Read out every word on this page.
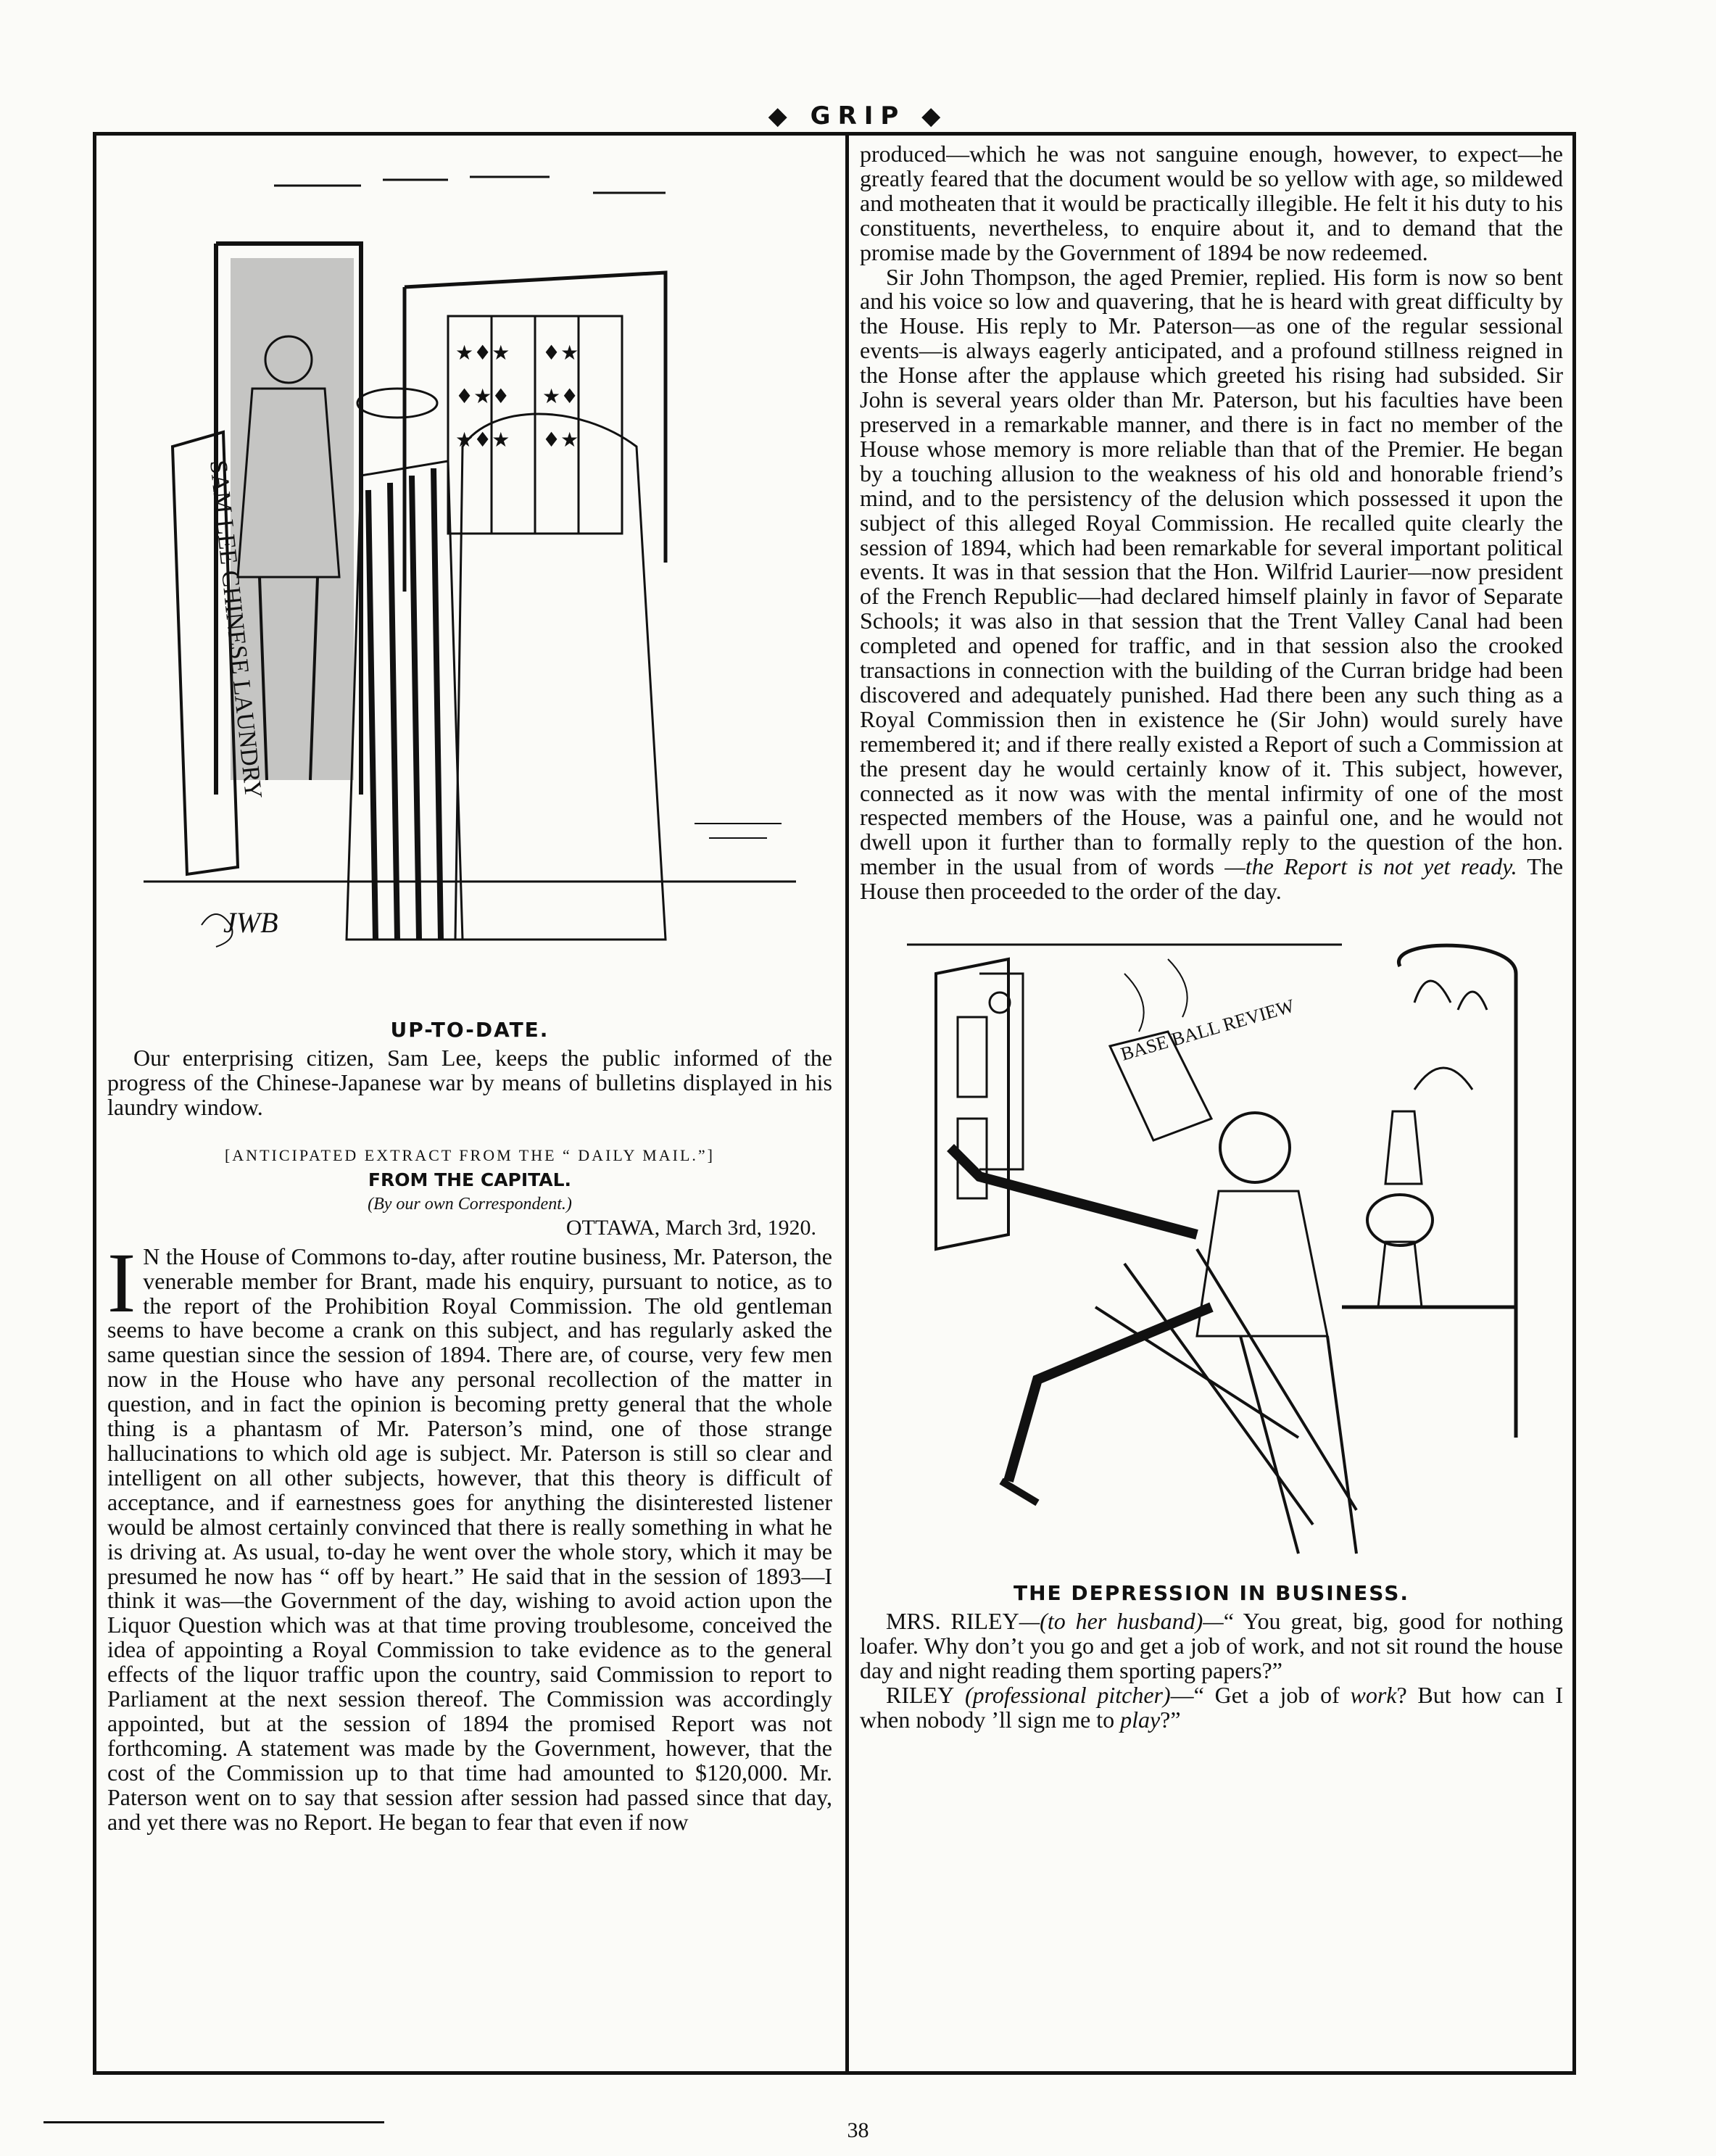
◆ GRIP ◆
SAM LEE CHINESE LAUNDRY
JWB
★♦★
♦★♦
★♦★
♦★
★♦
♦★
UP-TO-DATE.

Our enterprising citizen, Sam Lee, keeps the public informed of the progress of the Chinese-Japanese war by means of bulletins displayed in his laundry window.

[ANTICIPATED EXTRACT FROM THE “ DAILY MAIL.”]
FROM THE CAPITAL.
(By our own Correspondent.)
OTTAWA, March 3rd, 1920.
I N the House of Commons to-day, after routine business, Mr. Paterson, the venerable member for Brant, made his enquiry, pursuant to notice, as to the report of the Prohibition Royal Commission. The old gentleman seems to have become a crank on this subject, and has regularly asked the same questian since the session of 1894. There are, of course, very few men now in the House who have any personal recollection of the matter in question, and in fact the opinion is becoming pretty general that the whole thing is a phantasm of Mr. Paterson’s mind, one of those strange hallucinations to which old age is subject. Mr. Paterson is still so clear and intelligent on all other subjects, however, that this theory is difficult of acceptance, and if earnestness goes for anything the disinterested listener would be almost certainly convinced that there is really something in what he is driving at. As usual, to-day he went over the whole story, which it may be presumed he now has “ off by heart.” He said that in the session of 1893—I think it was—the Government of the day, wishing to avoid action upon the Liquor Question which was at that time proving troublesome, conceived the idea of appointing a Royal Commission to take evidence as to the general effects of the liquor traffic upon the country, said Commission to report to Parliament at the next session thereof. The Commission was accordingly appointed, but at the session of 1894 the promised Report was not forthcoming. A statement was made by the Government, however, that the cost of the Commission up to that time had amounted to $120,000. Mr. Paterson went on to say that session after session had passed since that day, and yet there was no Report. He began to fear that even if now

produced—which he was not sanguine enough, however, to expect—he greatly feared that the document would be so yellow with age, so mildewed and motheaten that it would be practically illegible. He felt it his duty to his constituents, nevertheless, to enquire about it, and to demand that the promise made by the Government of 1894 be now redeemed.

Sir John Thompson, the aged Premier, replied. His form is now so bent and his voice so low and quavering, that he is heard with great difficulty by the House. His reply to Mr. Paterson—as one of the regular sessional events—is always eagerly anticipated, and a profound stillness reigned in the Honse after the applause which greeted his rising had subsided. Sir John is several years older than Mr. Paterson, but his faculties have been preserved in a remarkable manner, and there is in fact no member of the House whose memory is more reliable than that of the Premier. He began by a touching allusion to the weakness of his old and honorable friend’s mind, and to the persistency of the delusion which possessed it upon the subject of this alleged Royal Commission. He recalled quite clearly the session of 1894, which had been remarkable for several important political events. It was in that session that the Hon. Wilfrid Laurier—now president of the French Republic—had declared himself plainly in favor of Separate Schools; it was also in that session that the Trent Valley Canal had been completed and opened for traffic, and in that session also the crooked transactions in connection with the building of the Curran bridge had been discovered and adequately punished. Had there been any such thing as a Royal Commission then in existence he (Sir John) would surely have remembered it; and if there really existed a Report of such a Commission at the present day he would certainly know of it. This subject, however, connected as it now was with the mental infirmity of one of the most respected members of the House, was a painful one, and he would not dwell upon it further than to formally reply to the question of the hon. member in the usual from of words —the Report is not yet ready. The House then proceeded to the order of the day.

BASE BALL REVIEW
THE DEPRESSION IN BUSINESS.

MRS. RILEY—(to her husband)—“ You great, big, good for nothing loafer. Why don’t you go and get a job of work, and not sit round the house day and night reading them sporting papers?”

RILEY (professional pitcher)—“ Get a job of work? But how can I when nobody ’ll sign me to play?”

38
